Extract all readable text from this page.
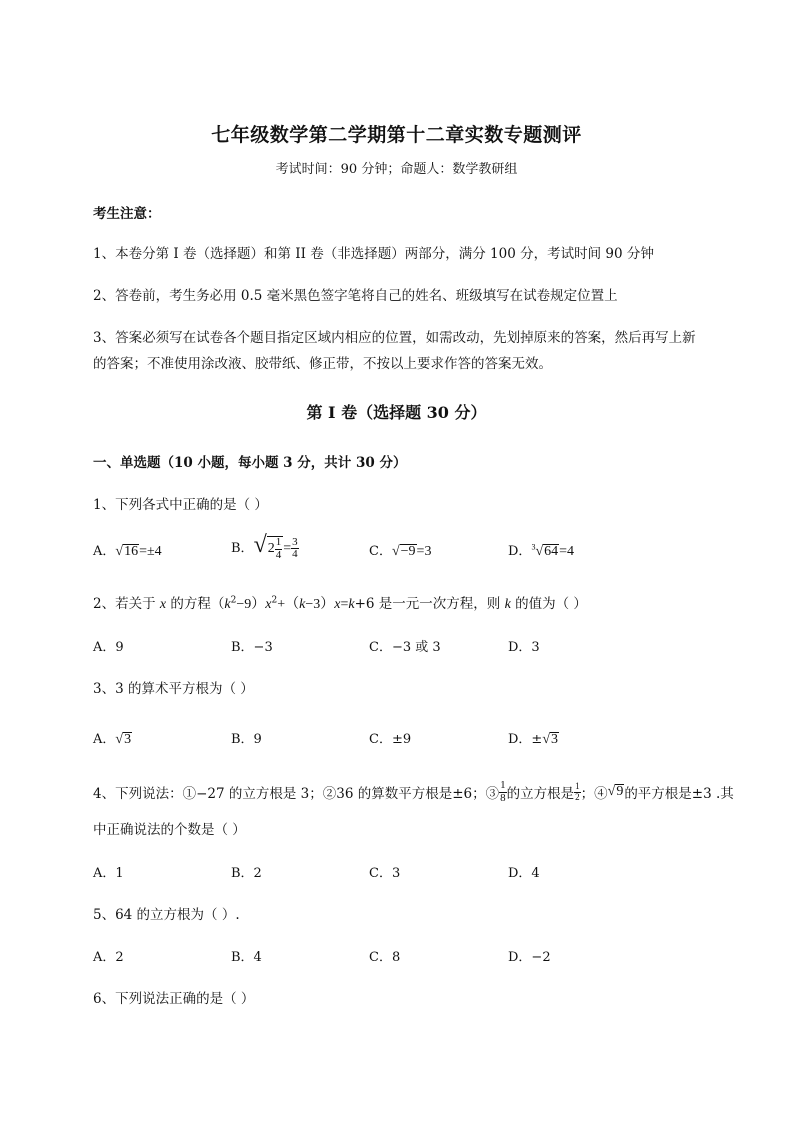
七年级数学第二学期第十二章实数专题测评
考试时间：90 分钟；命题人：数学教研组
考生注意：
1、本卷分第 I 卷（选择题）和第 II 卷（非选择题）两部分，满分 100 分，考试时间 90 分钟
2、答卷前，考生务必用 0.5 毫米黑色签字笔将自己的姓名、班级填写在试卷规定位置上
3、答案必须写在试卷各个题目指定区域内相应的位置，如需改动，先划掉原来的答案，然后再写上新
的答案；不准使用涂改液、胶带纸、修正带，不按以上要求作答的答案无效。
第 I 卷（选择题 30 分）
一、单选题（10 小题，每小题 3 分，共计 30 分）
1、下列各式中正确的是（ ）
A．√16=±4	B．√ $2 \frac{1}{4} = \frac{3}{4}$	C．√−9=3	D．$^3$√64=4
2、若关于 x 的方程$(k^2-9)x^2+(k-3)x=k+6$ 是一元一次方程，则 k 的值为（ ）
A．9	B．−3	C．−3 或 3	D．3
3、3 的算术平方根为（ ）
A．√3	B．9	C．±9	D．±√3
4、下列说法：①−27 的立方根是 3；②36 的算数平方根是±6；③ $\frac{1}{8}$ 的立方根是 $\frac{1}{2}$ ；④ √9 的平方根是±3 .其
中正确说法的个数是（ ）
A．1	B．2	C．3	D．4
5、64 的立方根为（ ）.
A．2	B．4	C．8	D．−2
6、下列说法正确的是（ ）
